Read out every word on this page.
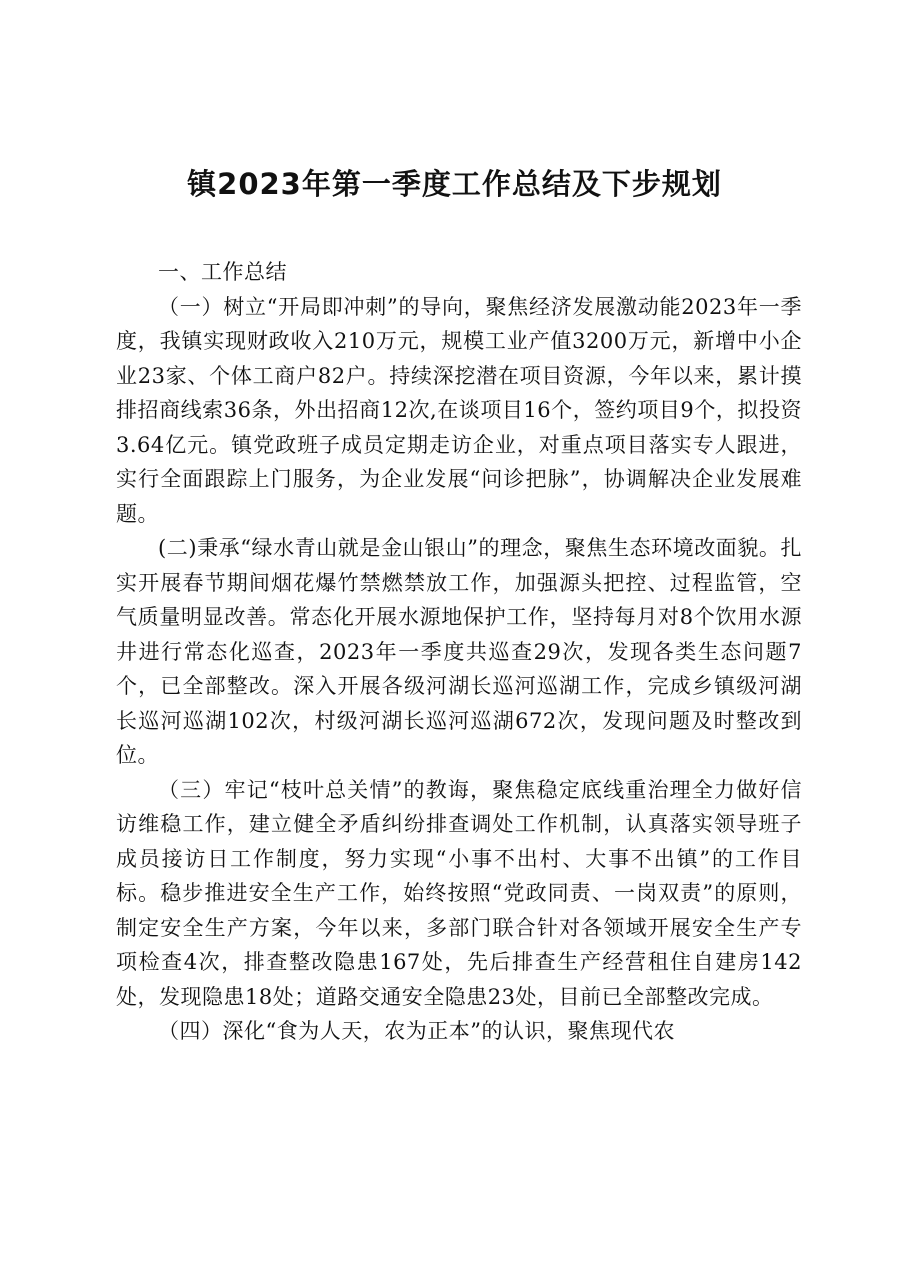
镇2023年第一季度工作总结及下步规划

一、工作总结

（一）树立“开局即冲刺”的导向，聚焦经济发展激动能2023年一季度，我镇实现财政收入210万元，规模工业产值3200万元，新增中小企业23家、个体工商户82户。持续深挖潜在项目资源，今年以来，累计摸排招商线索36条，外出招商12次,在谈项目16个，签约项目9个，拟投资3.64亿元。镇党政班子成员定期走访企业，对重点项目落实专人跟进，实行全面跟踪上门服务，为企业发展“问诊把脉”，协调解决企业发展难题。

(二)秉承“绿水青山就是金山银山”的理念，聚焦生态环境改面貌。扎实开展春节期间烟花爆竹禁燃禁放工作，加强源头把控、过程监管，空气质量明显改善。常态化开展水源地保护工作，坚持每月对8个饮用水源井进行常态化巡查，2023年一季度共巡查29次，发现各类生态问题7个，已全部整改。深入开展各级河湖长巡河巡湖工作，完成乡镇级河湖长巡河巡湖102次，村级河湖长巡河巡湖672次，发现问题及时整改到位。

（三）牢记“枝叶总关情”的教诲，聚焦稳定底线重治理全力做好信访维稳工作，建立健全矛盾纠纷排查调处工作机制，认真落实领导班子成员接访日工作制度，努力实现“小事不出村、大事不出镇”的工作目标。稳步推进安全生产工作，始终按照“党政同责、一岗双责”的原则，制定安全生产方案，今年以来，多部门联合针对各领域开展安全生产专项检查4次，排查整改隐患167处，先后排查生产经营租住自建房142处，发现隐患18处；道路交通安全隐患23处，目前已全部整改完成。

（四）深化“食为人天，农为正本”的认识，聚焦现代农
